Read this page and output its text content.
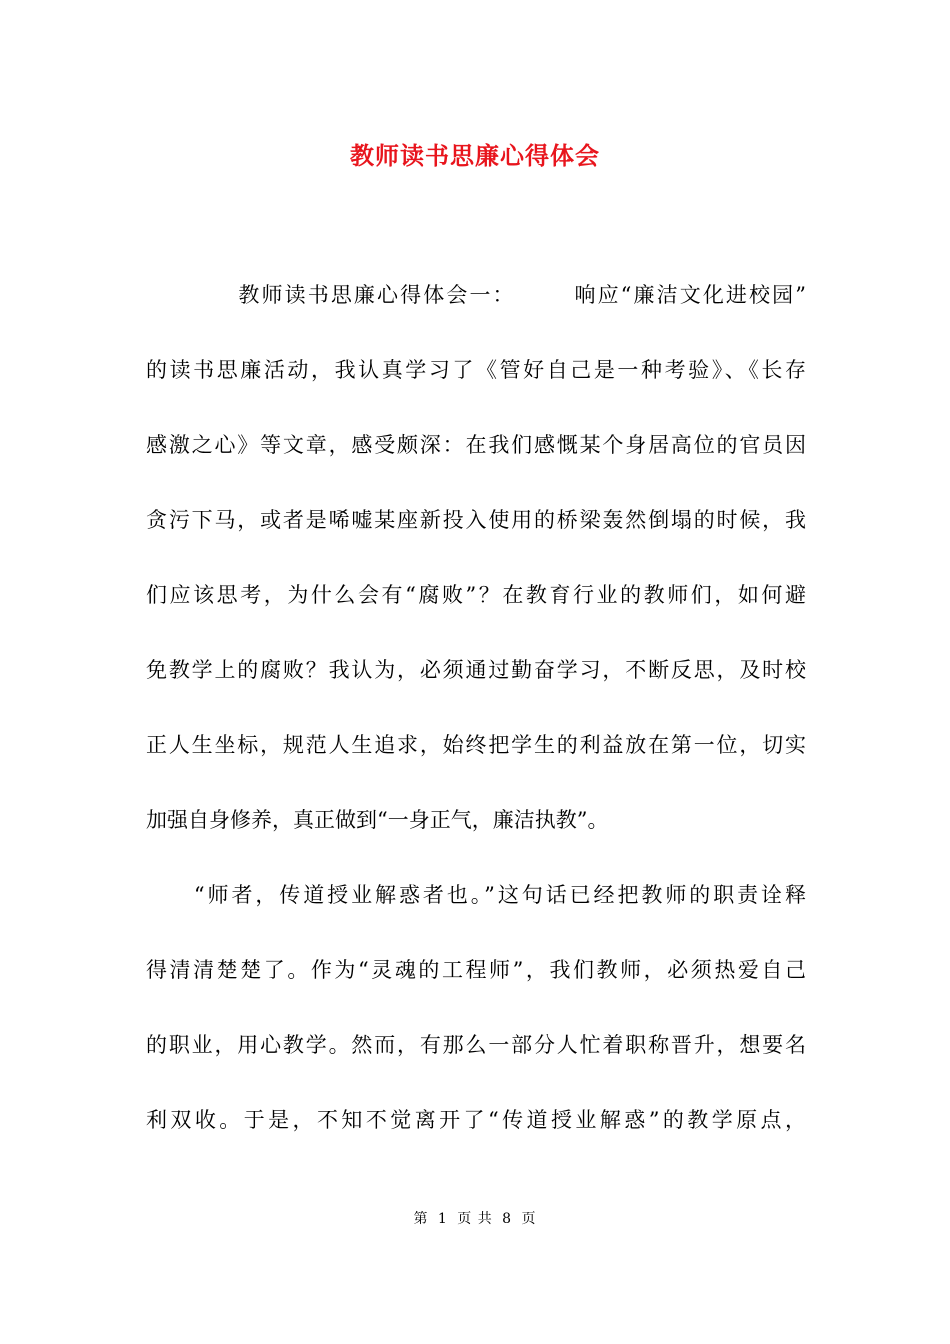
教师读书思廉心得体会
　　　　教师读书思廉心得体会一：　　　响应“廉洁文化进校园”
的读书思廉活动，我认真学习了《管好自己是一种考验》、《长存
感激之心》等文章，感受颇深：在我们感慨某个身居高位的官员因
贪污下马，或者是唏嘘某座新投入使用的桥梁轰然倒塌的时候，我
们应该思考，为什么会有“腐败”？在教育行业的教师们，如何避
免教学上的腐败？我认为，必须通过勤奋学习，不断反思，及时校
正人生坐标，规范人生追求，始终把学生的利益放在第一位，切实
加强自身修养，真正做到“一身正气，廉洁执教”。
　　“师者，传道授业解惑者也。”这句话已经把教师的职责诠释
得清清楚楚了。作为“灵魂的工程师”，我们教师，必须热爱自己
的职业，用心教学。然而，有那么一部分人忙着职称晋升，想要名
利双收。于是，不知不觉离开了“传道授业解惑”的教学原点，
第 1 页 共 8 页
